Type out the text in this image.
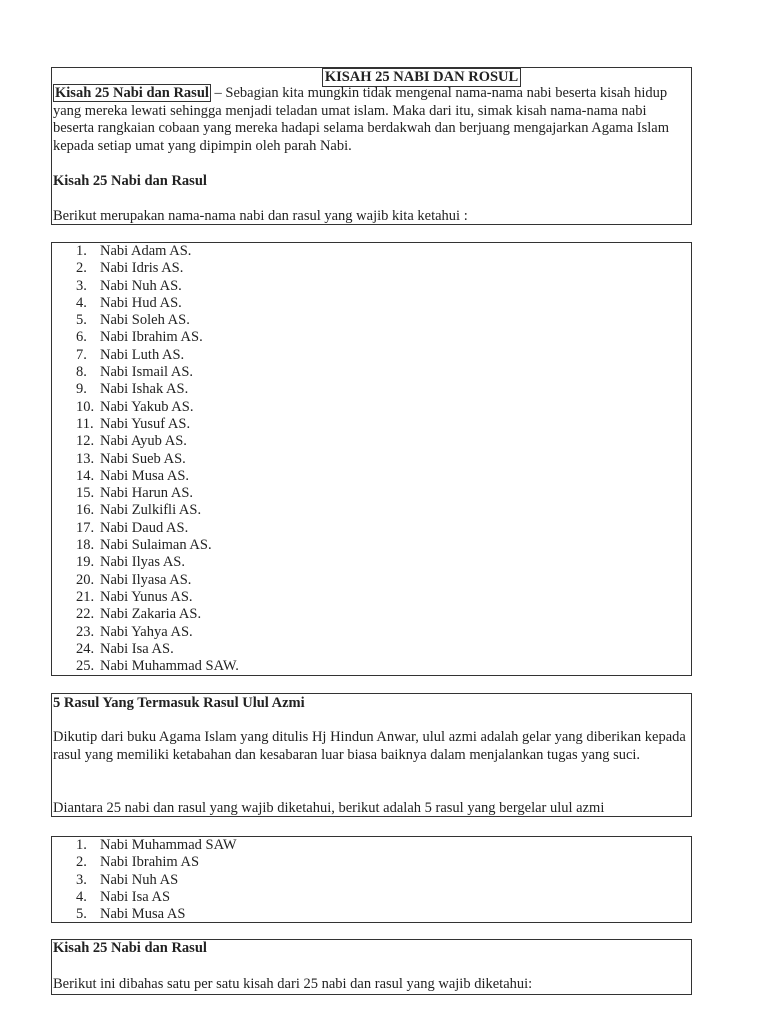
KISAH 25 NABI DAN ROSUL

Kisah 25 Nabi dan Rasul – Sebagian kita mungkin tidak mengenal nama-nama nabi beserta kisah hidup yang mereka lewati sehingga menjadi teladan umat islam. Maka dari itu, simak kisah nama-nama nabi beserta rangkaian cobaan yang mereka hadapi selama berdakwah dan berjuang mengajarkan Agama Islam kepada setiap umat yang dipimpin oleh parah Nabi.

Kisah 25 Nabi dan Rasul

Berikut merupakan nama-nama nabi dan rasul yang wajib kita ketahui :

1. Nabi Adam AS.
2. Nabi Idris AS.
3. Nabi Nuh AS.
4. Nabi Hud AS.
5. Nabi Soleh AS.
6. Nabi Ibrahim AS.
7. Nabi Luth AS.
8. Nabi Ismail AS.
9. Nabi Ishak AS.
10. Nabi Yakub AS.
11. Nabi Yusuf AS.
12. Nabi Ayub AS.
13. Nabi Sueb AS.
14. Nabi Musa AS.
15. Nabi Harun AS.
16. Nabi Zulkifli AS.
17. Nabi Daud AS.
18. Nabi Sulaiman AS.
19. Nabi Ilyas AS.
20. Nabi Ilyasa AS.
21. Nabi Yunus AS.
22. Nabi Zakaria AS.
23. Nabi Yahya AS.
24. Nabi Isa AS.
25. Nabi Muhammad SAW.

5 Rasul Yang Termasuk Rasul Ulul Azmi

Dikutip dari buku Agama Islam yang ditulis Hj Hindun Anwar, ulul azmi adalah gelar yang diberikan kepada rasul yang memiliki ketabahan dan kesabaran luar biasa baiknya dalam menjalankan tugas yang suci.

Diantara 25 nabi dan rasul yang wajib diketahui, berikut adalah 5 rasul yang bergelar ulul azmi

1. Nabi Muhammad SAW
2. Nabi Ibrahim AS
3. Nabi Nuh AS
4. Nabi Isa AS
5. Nabi Musa AS

Kisah 25 Nabi dan Rasul

Berikut ini dibahas satu per satu kisah dari 25 nabi dan rasul yang wajib diketahui:
